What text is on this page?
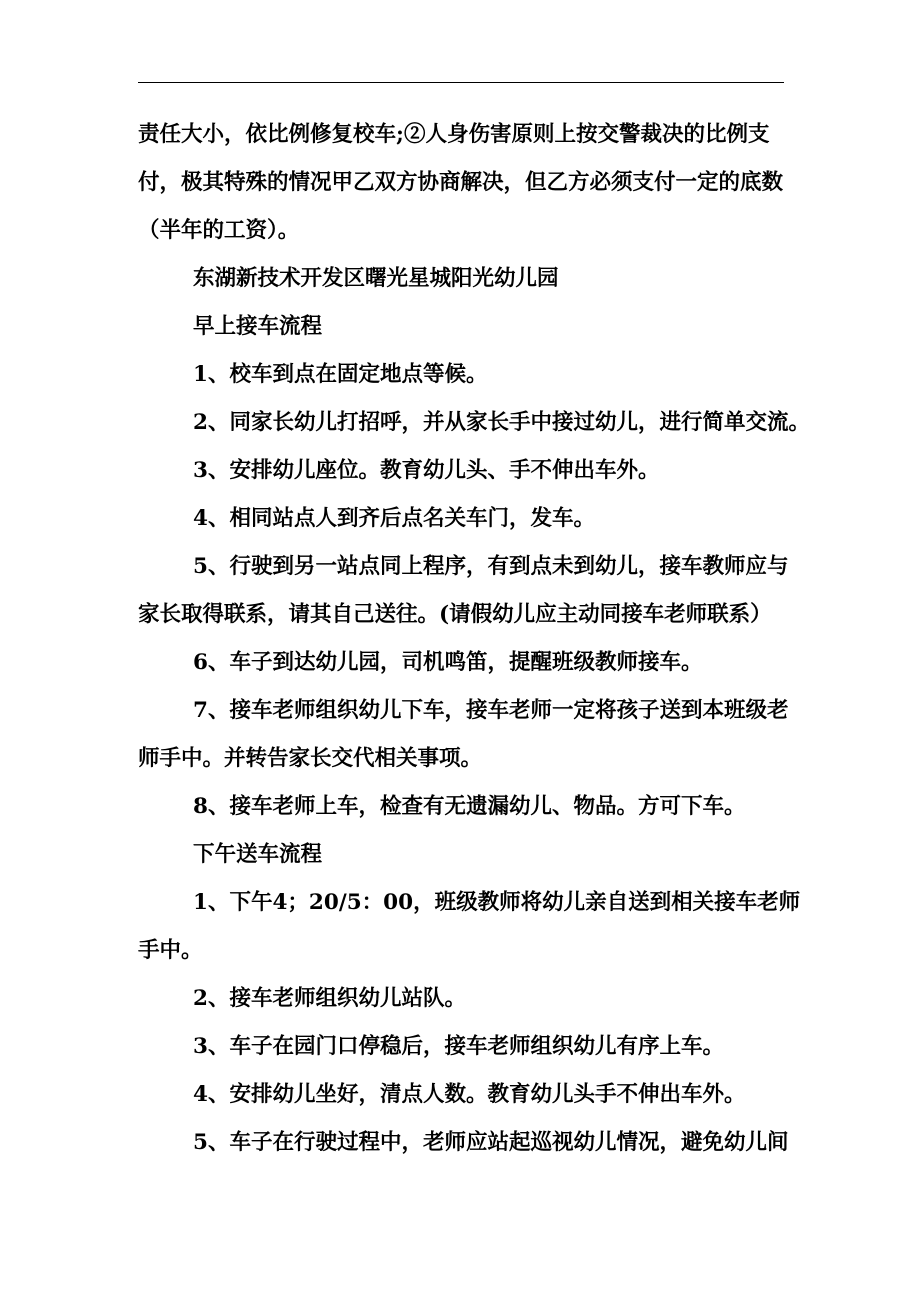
责任大小，依比例修复校车;②人身伤害原则上按交警裁决的比例支

付，极其特殊的情况甲乙双方协商解决，但乙方必须支付一定的底数

（半年的工资）。

东湖新技术开发区曙光星城阳光幼儿园

早上接车流程

1、校车到点在固定地点等候。

2、同家长幼儿打招呼，并从家长手中接过幼儿，进行简单交流。

3、安排幼儿座位。教育幼儿头、手不伸出车外。

4、相同站点人到齐后点名关车门，发车。

5、行驶到另一站点同上程序，有到点未到幼儿，接车教师应与

家长取得联系，请其自己送往。(请假幼儿应主动同接车老师联系）

6、车子到达幼儿园，司机鸣笛，提醒班级教师接车。

7、接车老师组织幼儿下车，接车老师一定将孩子送到本班级老

师手中。并转告家长交代相关事项。

8、接车老师上车，检查有无遗漏幼儿、物品。方可下车。

下午送车流程

1、下午4；20/5：00，班级教师将幼儿亲自送到相关接车老师

手中。

2、接车老师组织幼儿站队。

3、车子在园门口停稳后，接车老师组织幼儿有序上车。

4、安排幼儿坐好，清点人数。教育幼儿头手不伸出车外。

5、车子在行驶过程中，老师应站起巡视幼儿情况，避免幼儿间
